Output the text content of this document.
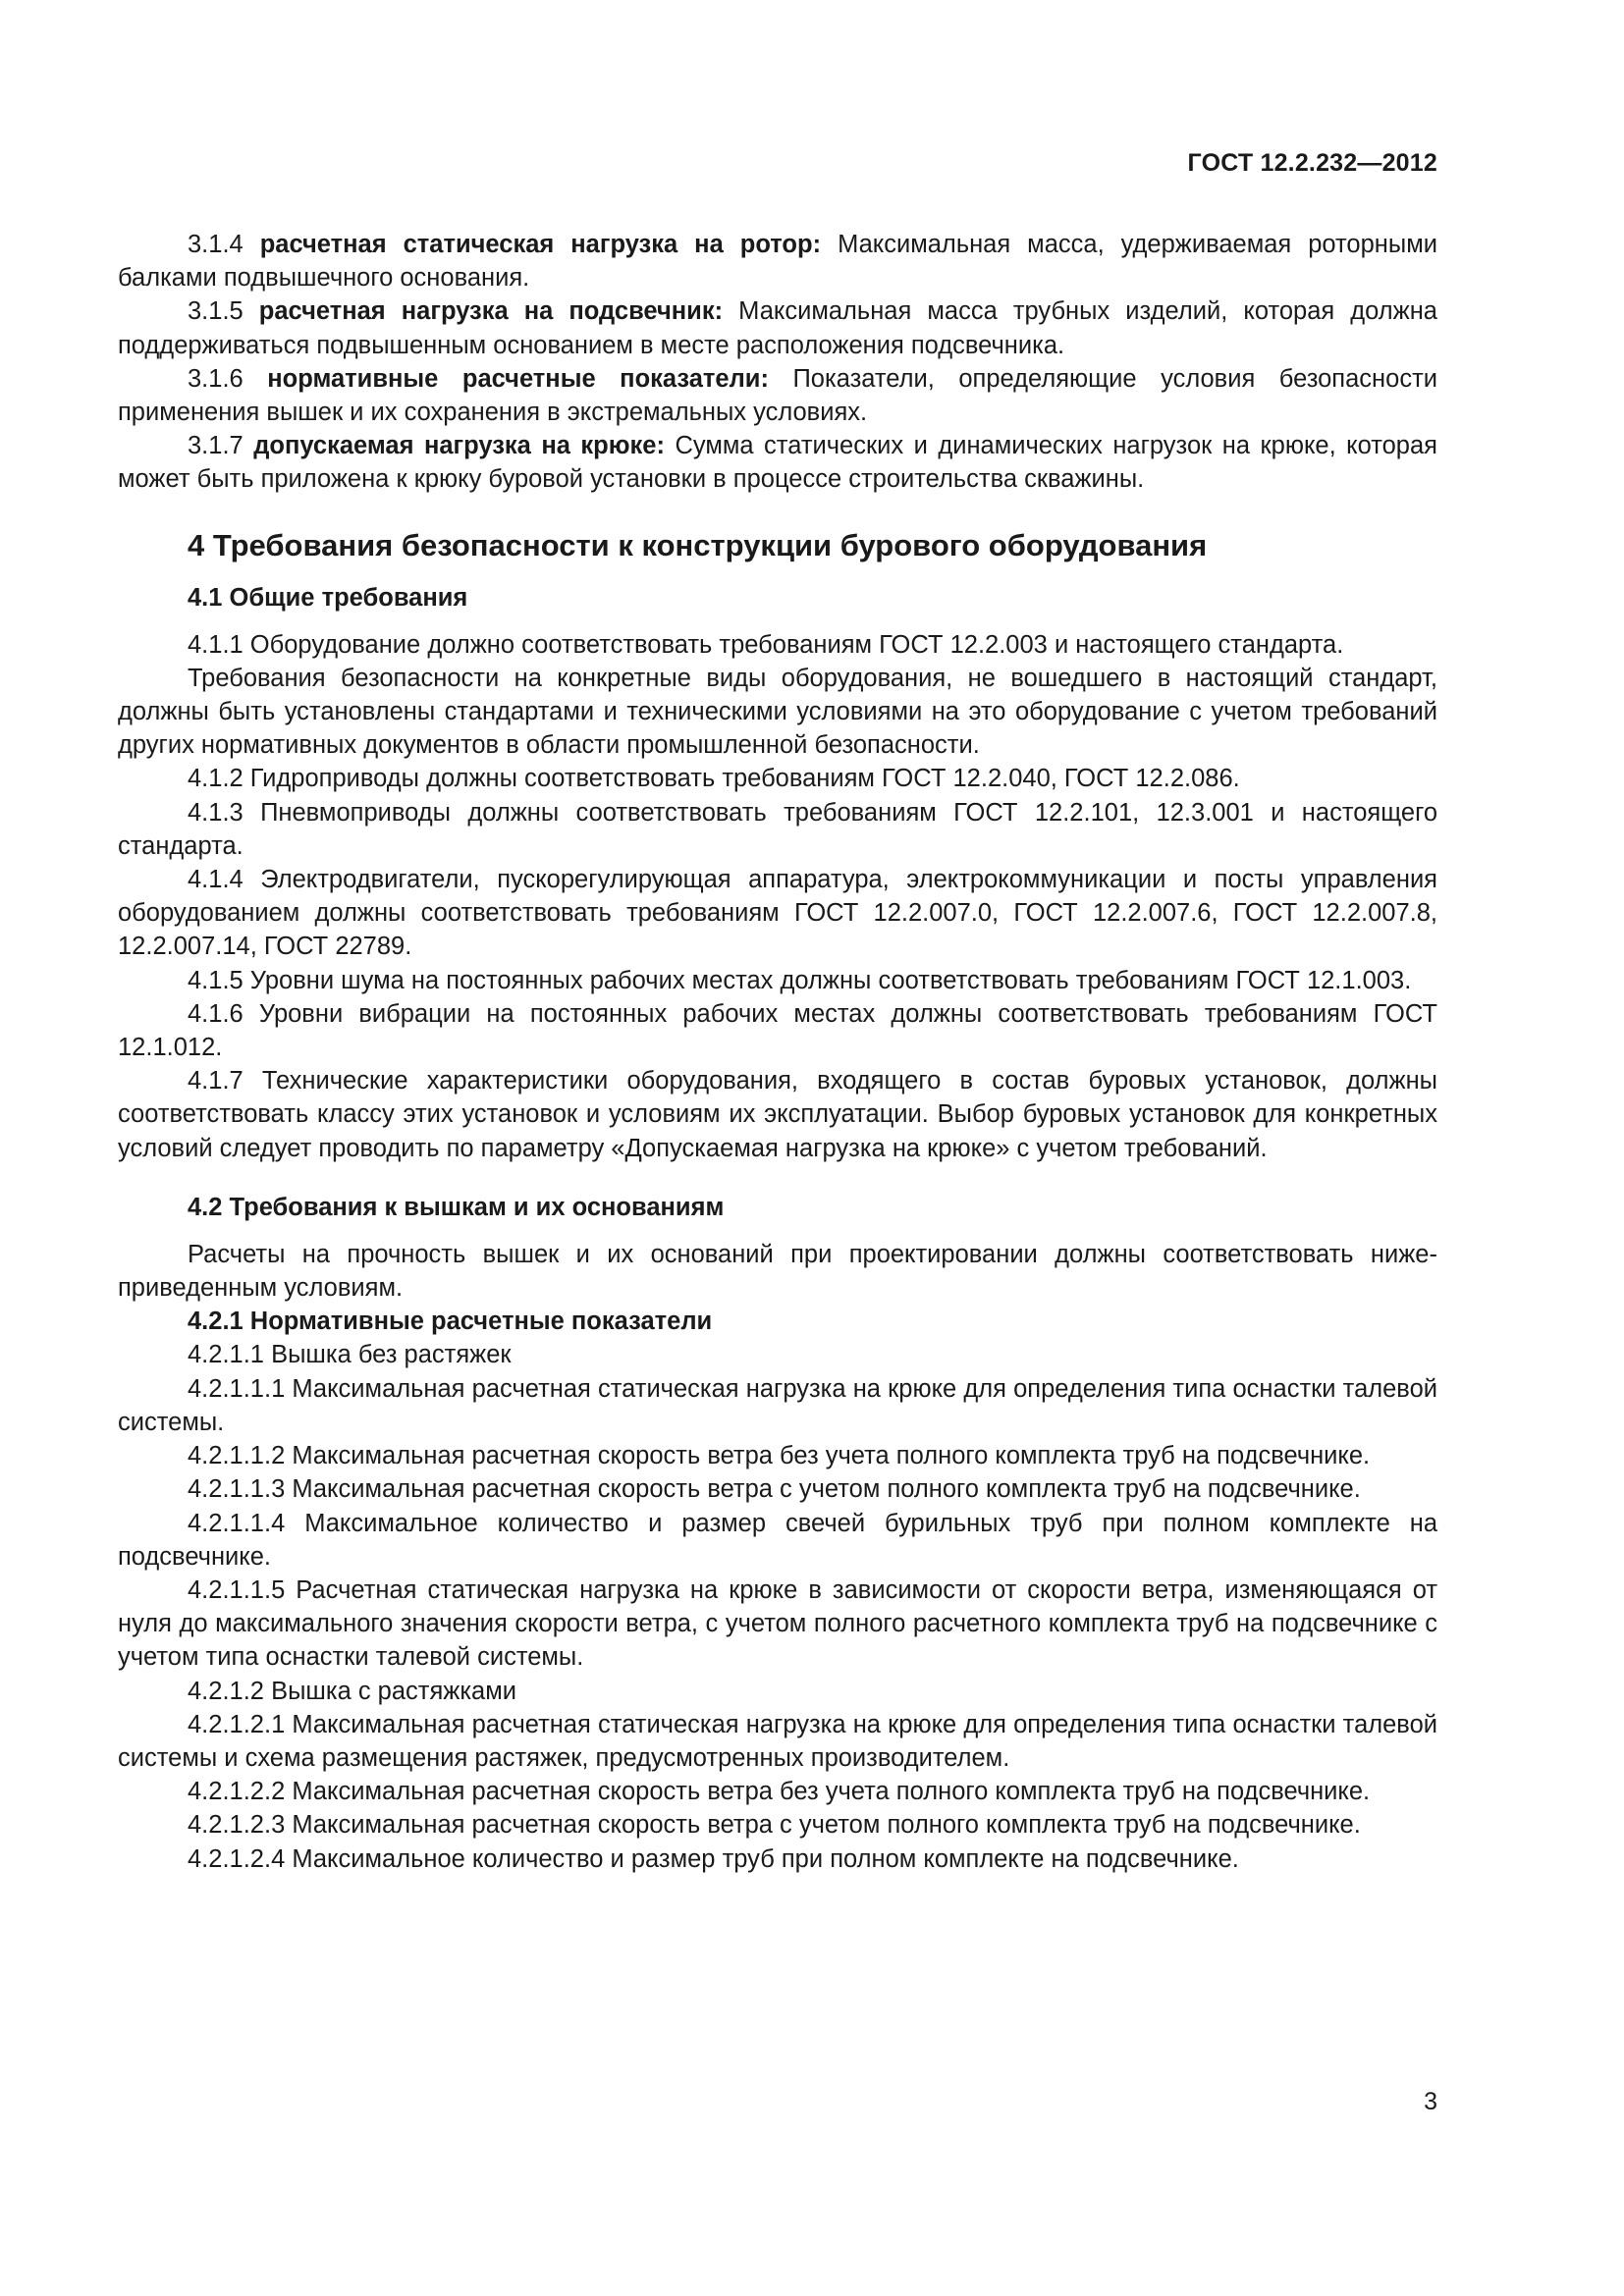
ГОСТ 12.2.232—2012

3.1.4 расчетная статическая нагрузка на ротор: Максимальная масса, удерживаемая роторными балками подвышечного основания.

3.1.5 расчетная нагрузка на подсвечник: Максимальная масса трубных изделий, которая должна поддерживаться подвышенным основанием в месте расположения подсвечника.

3.1.6 нормативные расчетные показатели: Показатели, определяющие условия безопасности применения вышек и их сохранения в экстремальных условиях.

3.1.7 допускаемая нагрузка на крюке: Сумма статических и динамических нагрузок на крюке, которая может быть приложена к крюку буровой установки в процессе строительства скважины.

4 Требования безопасности к конструкции бурового оборудования
4.1 Общие требования

4.1.1 Оборудование должно соответствовать требованиям ГОСТ 12.2.003 и настоящего стандарта.

Требования безопасности на конкретные виды оборудования, не вошедшего в настоящий стандарт, должны быть установлены стандартами и техническими условиями на это оборудование с учетом требований других нормативных документов в области промышленной безопасности.

4.1.2 Гидроприводы должны соответствовать требованиям ГОСТ 12.2.040, ГОСТ 12.2.086.

4.1.3 Пневмоприводы должны соответствовать требованиям ГОСТ 12.2.101, 12.3.001 и настоящего стандарта.

4.1.4 Электродвигатели, пускорегулирующая аппаратура, электрокоммуникации и посты управления оборудованием должны соответствовать требованиям ГОСТ 12.2.007.0, ГОСТ 12.2.007.6, ГОСТ 12.2.007.8, 12.2.007.14, ГОСТ 22789.

4.1.5 Уровни шума на постоянных рабочих местах должны соответствовать требованиям ГОСТ 12.1.003.

4.1.6 Уровни вибрации на постоянных рабочих местах должны соответствовать требованиям ГОСТ 12.1.012.

4.1.7 Технические характеристики оборудования, входящего в состав буровых установок, должны соответствовать классу этих установок и условиям их эксплуатации. Выбор буровых установок для конкретных условий следует проводить по параметру «Допускаемая нагрузка на крюке» с учетом требований.

4.2 Требования к вышкам и их основаниям

Расчеты на прочность вышек и их оснований при проектировании должны соответствовать нижеприведенным условиям.

4.2.1 Нормативные расчетные показатели

4.2.1.1 Вышка без растяжек

4.2.1.1.1 Максимальная расчетная статическая нагрузка на крюке для определения типа оснастки талевой системы.

4.2.1.1.2 Максимальная расчетная скорость ветра без учета полного комплекта труб на подсвечнике.

4.2.1.1.3 Максимальная расчетная скорость ветра с учетом полного комплекта труб на подсвечнике.

4.2.1.1.4 Максимальное количество и размер свечей бурильных труб при полном комплекте на подсвечнике.

4.2.1.1.5 Расчетная статическая нагрузка на крюке в зависимости от скорости ветра, изменяющаяся от нуля до максимального значения скорости ветра, с учетом полного расчетного комплекта труб на подсвечнике с учетом типа оснастки талевой системы.

4.2.1.2 Вышка с растяжками

4.2.1.2.1 Максимальная расчетная статическая нагрузка на крюке для определения типа оснастки талевой системы и схема размещения растяжек, предусмотренных производителем.

4.2.1.2.2 Максимальная расчетная скорость ветра без учета полного комплекта труб на подсвечнике.

4.2.1.2.3 Максимальная расчетная скорость ветра с учетом полного комплекта труб на подсвечнике.

4.2.1.2.4 Максимальное количество и размер труб при полном комплекте на подсвечнике.

3
